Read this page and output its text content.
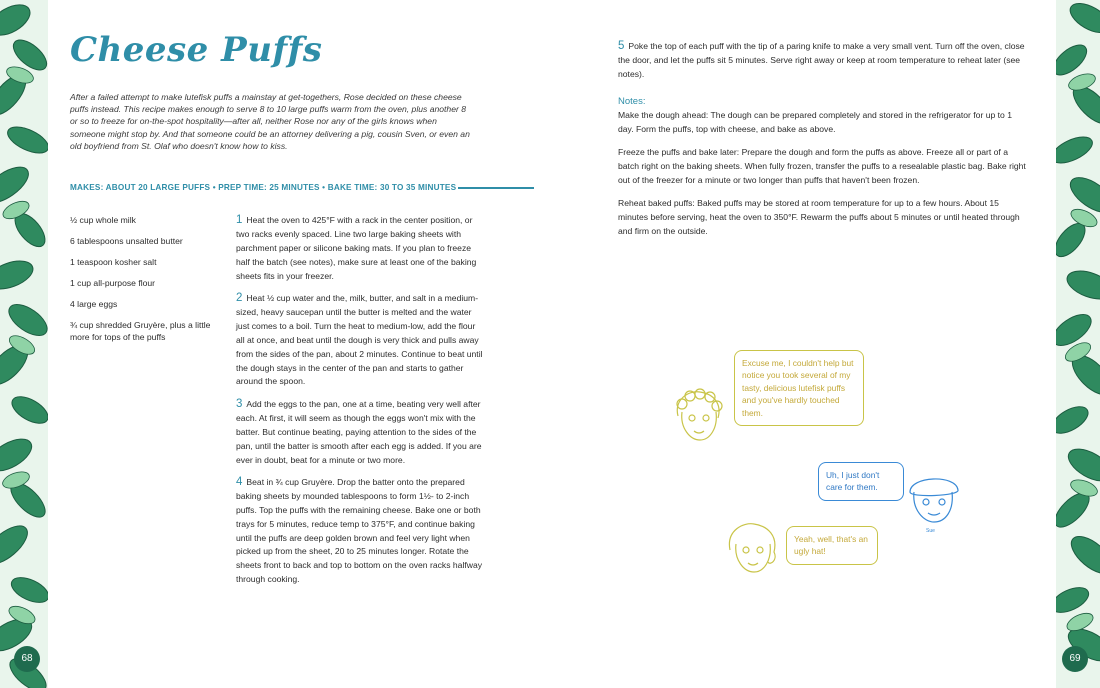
Cheese Puffs
After a failed attempt to make lutefisk puffs a mainstay at get-togethers, Rose decided on these cheese puffs instead. This recipe makes enough to serve 8 to 10 large puffs warm from the oven, plus another 8 or so to freeze for on-the-spot hospitality—after all, neither Rose nor any of the girls knows when someone might stop by. And that someone could be an attorney delivering a pig, cousin Sven, or even an old boyfriend from St. Olaf who doesn't know how to kiss.
MAKES: ABOUT 20 LARGE PUFFS
•
PREP TIME: 25 MINUTES
•
BAKE TIME: 30 TO 35 MINUTES
½ cup whole milk
6 tablespoons unsalted butter
1 teaspoon kosher salt
1 cup all-purpose flour
4 large eggs
¾ cup shredded Gruyère, plus a little more for tops of the puffs
1 Heat the oven to 425°F with a rack in the center position, or two racks evenly spaced. Line two large baking sheets with parchment paper or silicone baking mats. If you plan to freeze half the batch (see notes), make sure at least one of the baking sheets fits in your freezer.
2 Heat ½ cup water and the, milk, butter, and salt in a medium-sized, heavy saucepan until the butter is melted and the water just comes to a boil. Turn the heat to medium-low, add the flour all at once, and beat until the dough is very thick and pulls away from the sides of the pan, about 2 minutes. Continue to beat until the dough stays in the center of the pan and starts to gather around the spoon.
3 Add the eggs to the pan, one at a time, beating very well after each. At first, it will seem as though the eggs won't mix with the batter. But continue beating, paying attention to the sides of the pan, until the batter is smooth after each egg is added. If you are ever in doubt, beat for a minute or two more.
4 Beat in ¾ cup Gruyère. Drop the batter onto the prepared baking sheets by mounded tablespoons to form 1½- to 2-inch puffs. Top the puffs with the remaining cheese. Bake one or both trays for 5 minutes, reduce temp to 375°F, and continue baking until the puffs are deep golden brown and feel very light when picked up from the sheet, 20 to 25 minutes longer. Rotate the sheets front to back and top to bottom on the oven racks halfway through cooking.
68
5 Poke the top of each puff with the tip of a paring knife to make a very small vent. Turn off the oven, close the door, and let the puffs sit 5 minutes. Serve right away or keep at room temperature to reheat later (see notes).
Notes:
Make the dough ahead: The dough can be prepared completely and stored in the refrigerator for up to 1 day. Form the puffs, top with cheese, and bake as above.
Freeze the puffs and bake later: Prepare the dough and form the puffs as above. Freeze all or part of a batch right on the baking sheets. When fully frozen, transfer the puffs to a resealable plastic bag. Bake right out of the freezer for a minute or two longer than puffs that haven't been frozen.
Reheat baked puffs: Baked puffs may be stored at room temperature for up to a few hours. About 15 minutes before serving, heat the oven to 350°F. Rewarm the puffs about 5 minutes or until heated through and firm on the outside.
Excuse me, I couldn't help but notice you took several of my tasty, delicious lutefisk puffs and you've hardly touched them.
Uh, I just don't care for them.
Sue
Yeah, well, that's an ugly hat!
69
